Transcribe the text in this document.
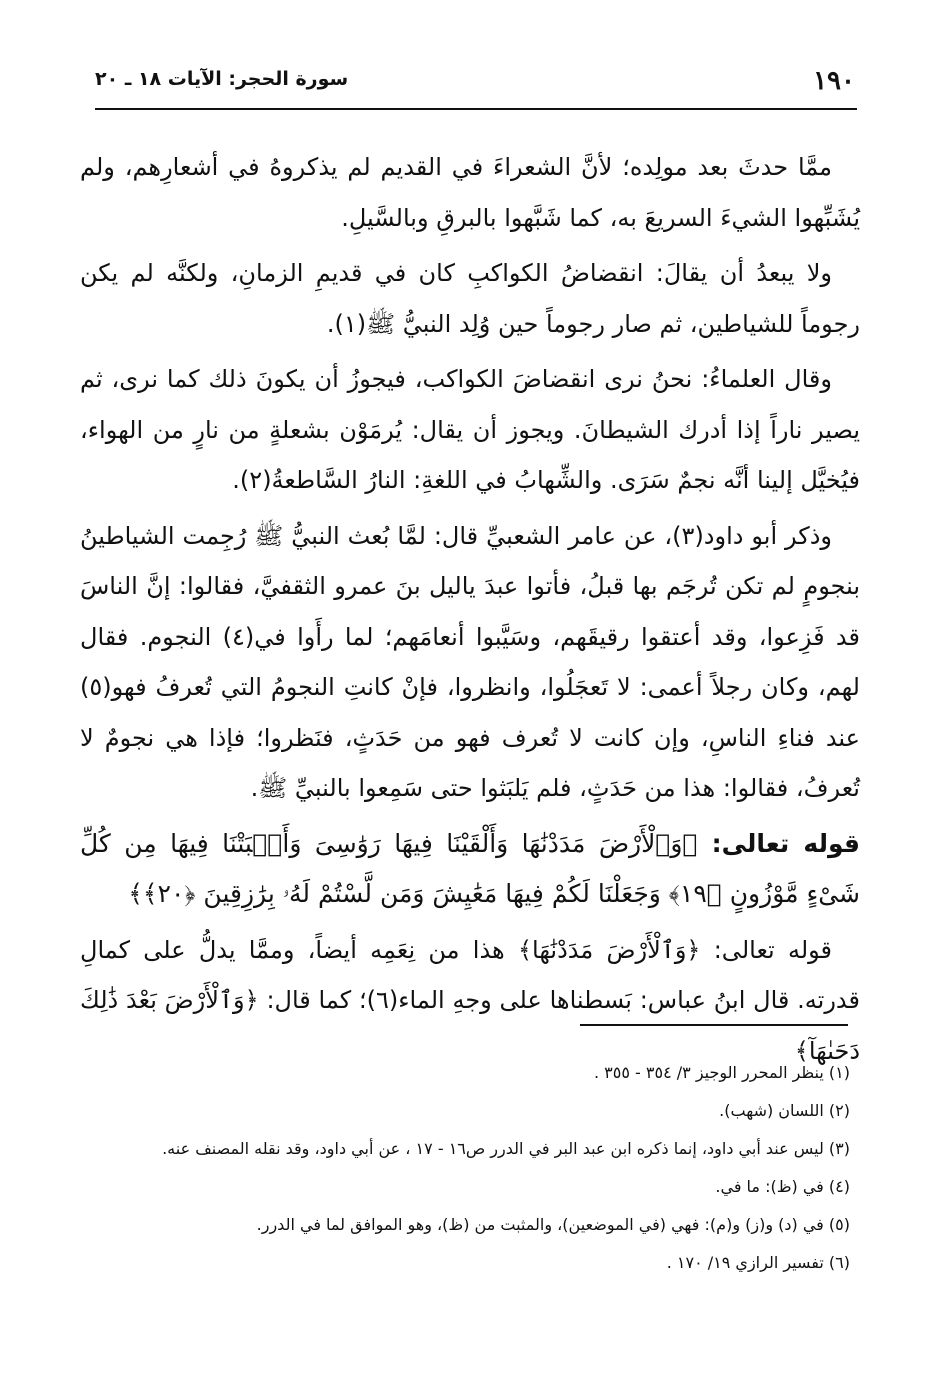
١٩٠
سورة الحجر: الآيات ١٨ ـ ٢٠

ممَّا حدثَ بعد مولِده؛ لأنَّ الشعراءَ في القديم لم يذكروهُ في أشعارِهم، ولم يُشَبِّهوا الشيءَ السريعَ به، كما شَبَّهوا بالبرقِ وبالسَّيلِ.

ولا يبعدُ أن يقالَ: انقضاضُ الكواكبِ كان في قديمِ الزمانِ، ولكنَّه لم يكن رجوماً للشياطين، ثم صار رجوماً حين وُلِد النبيُّ ﷺ(١).

وقال العلماءُ: نحنُ نرى انقضاضَ الكواكب، فيجوزُ أن يكونَ ذلك كما نرى، ثم يصير ناراً إذا أدرك الشيطانَ. ويجوز أن يقال: يُرمَوْن بشعلةٍ من نارٍ من الهواء، فيُخيَّل إلينا أنَّه نجمٌ سَرَى. والشِّهابُ في اللغةِ: النارُ السَّاطعةُ(٢).

وذكر أبو داود(٣)، عن عامر الشعبيِّ قال: لمَّا بُعث النبيُّ ﷺ رُجِمت الشياطينُ بنجومٍ لم تكن تُرجَم بها قبلُ، فأتوا عبدَ ياليل بنَ عمرو الثقفيَّ، فقالوا: إنَّ الناسَ قد فَزِعوا، وقد أعتقوا رقيقَهم، وسَيَّبوا أنعامَهم؛ لما رأَوا في(٤) النجوم. فقال لهم، وكان رجلاً أعمى: لا تَعجَلُوا، وانظروا، فإنْ كانتِ النجومُ التي تُعرفُ فهو(٥) عند فناءِ الناسِ، وإن كانت لا تُعرف فهو من حَدَثٍ، فنَظروا؛ فإذا هي نجومٌ لا تُعرفُ، فقالوا: هذا من حَدَثٍ، فلم يَلبَثوا حتى سَمِعوا بالنبيِّ ﷺ.

قوله تعالى: ﴿وَٱلْأَرْضَ مَدَدْنَٰهَا وَأَلْقَيْنَا فِيهَا رَوَٰسِىَ وَأَنۢبَتْنَا فِيهَا مِن كُلِّ شَىْءٍ مَّوْزُونٍ ﴿١٩﴾ وَجَعَلْنَا لَكُمْ فِيهَا مَعَٰيِشَ وَمَن لَّسْتُمْ لَهُۥ بِرَٰزِقِينَ ﴿٢٠﴾﴾

قوله تعالى: ﴿وَٱلْأَرْضَ مَدَدْنَٰهَا﴾ هذا من نِعَمِه أيضاً، وممَّا يدلُّ على كمالِ قدرته. قال ابنُ عباس: بَسطناها على وجهِ الماء(٦)؛ كما قال: ﴿وَٱلْأَرْضَ بَعْدَ ذَٰلِكَ دَحَىٰهَآ﴾

(١) ينظر المحرر الوجيز ٣/ ٣٥٤ - ٣٥٥ .
(٢) اللسان (شهب).
(٣) ليس عند أبي داود، إنما ذكره ابن عبد البر في الدرر ص١٦ - ١٧ ، عن أبي داود، وقد نقله المصنف عنه.
(٤) في (ظ): ما في.
(٥) في (د) و(ز) و(م): فهي (في الموضعين)، والمثبت من (ظ)، وهو الموافق لما في الدرر.
(٦) تفسير الرازي ١٩/ ١٧٠ .
